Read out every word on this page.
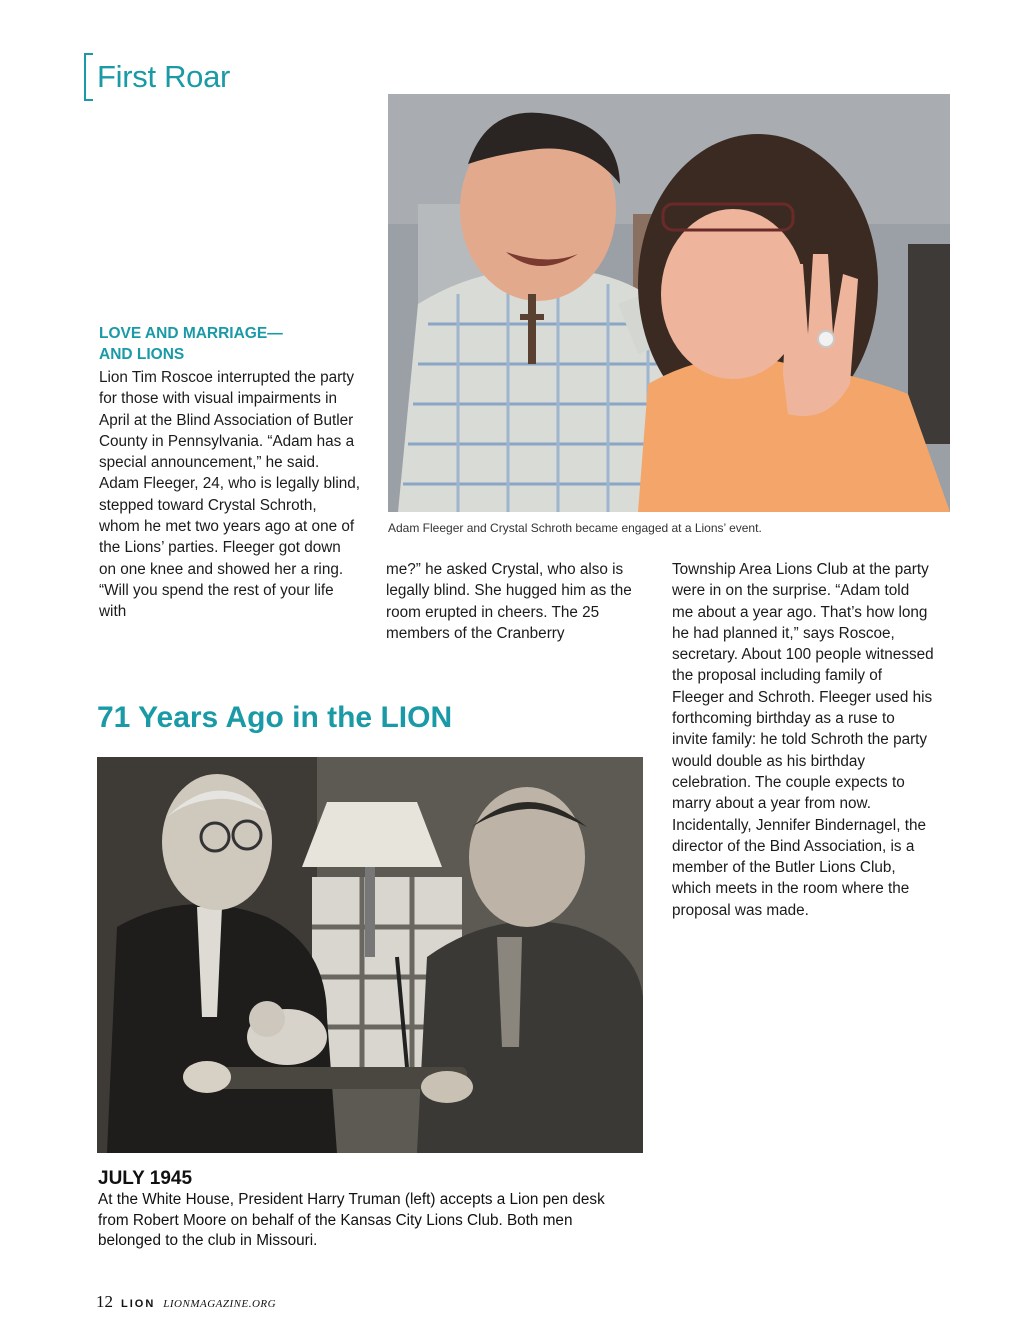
First Roar
Adam Fleeger and Crystal Schroth became engaged at a Lions’ event.
LOVE AND MARRIAGE—
AND LIONS
Lion Tim Roscoe interrupted the party for those with visual impairments in April at the Blind Association of Butler County in Pennsylvania. “Adam has a special announcement,” he said. Adam Fleeger, 24, who is legally blind, stepped toward Crystal Schroth, whom he met two years ago at one of the Lions’ parties. Fleeger got down on one knee and showed her a ring. “Will you spend the rest of your life with
me?” he asked Crystal, who also is legally blind. She hugged him as the room erupted in cheers. The 25 members of the Cranberry
Township Area Lions Club at the party were in on the surprise. “Adam told me about a year ago. That’s how long he had planned it,” says Roscoe, secretary. About 100 people witnessed the proposal including family of Fleeger and Schroth. Fleeger used his forthcoming birthday as a ruse to invite family: he told Schroth the party would double as his birthday celebration. The couple expects to marry about a year from now. Incidentally, Jennifer Bindernagel, the director of the Bind Association, is a member of the Butler Lions Club, which meets in the room where the proposal was made.
71 Years Ago in the LION
JULY 1945
At the White House, President Harry Truman (left) accepts a Lion pen desk from Robert Moore on behalf of the Kansas City Lions Club. Both men belonged to the club in Missouri.
12 LION LIONMAGAZINE.ORG
